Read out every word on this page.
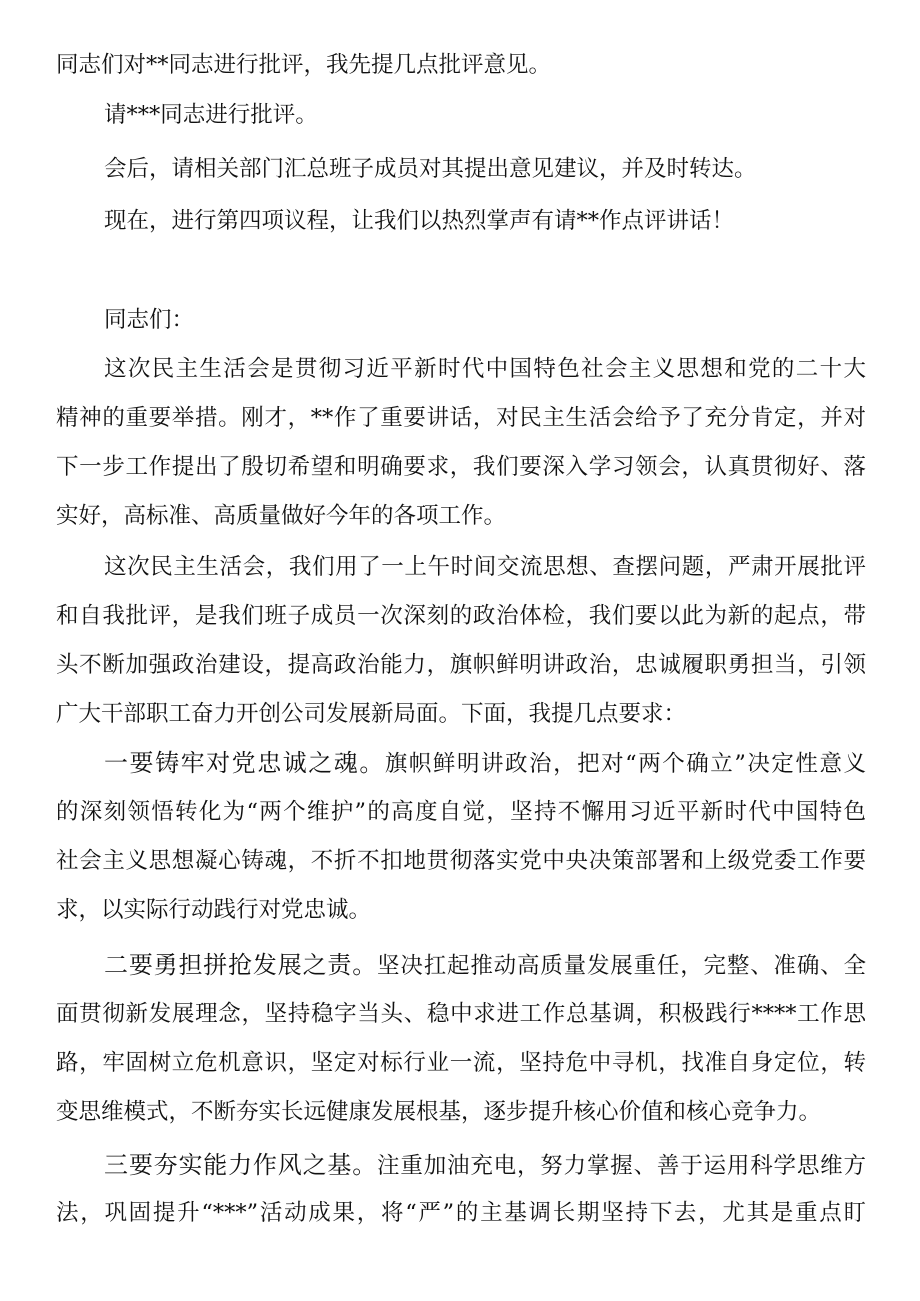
同志们对**同志进行批评，我先提几点批评意见。
请***同志进行批评。
会后，请相关部门汇总班子成员对其提出意见建议，并及时转达。
现在，进行第四项议程，让我们以热烈掌声有请**作点评讲话！
同志们：
这次民主生活会是贯彻习近平新时代中国特色社会主义思想和党的二十大
精神的重要举措。刚才，**作了重要讲话，对民主生活会给予了充分肯定，并对
下一步工作提出了殷切希望和明确要求，我们要深入学习领会，认真贯彻好、落
实好，高标准、高质量做好今年的各项工作。
这次民主生活会，我们用了一上午时间交流思想、查摆问题，严肃开展批评
和自我批评，是我们班子成员一次深刻的政治体检，我们要以此为新的起点，带
头不断加强政治建设，提高政治能力，旗帜鲜明讲政治，忠诚履职勇担当，引领
广大干部职工奋力开创公司发展新局面。下面，我提几点要求：
一要铸牢对党忠诚之魂。旗帜鲜明讲政治，把对“两个确立”决定性意义
的深刻领悟转化为“两个维护”的高度自觉，坚持不懈用习近平新时代中国特色
社会主义思想凝心铸魂，不折不扣地贯彻落实党中央决策部署和上级党委工作要
求，以实际行动践行对党忠诚。
二要勇担拼抢发展之责。坚决扛起推动高质量发展重任，完整、准确、全
面贯彻新发展理念，坚持稳字当头、稳中求进工作总基调，积极践行****工作思
路，牢固树立危机意识，坚定对标行业一流，坚持危中寻机，找准自身定位，转
变思维模式，不断夯实长远健康发展根基，逐步提升核心价值和核心竞争力。
三要夯实能力作风之基。注重加油充电，努力掌握、善于运用科学思维方
法，巩固提升“***”活动成果，将“严”的主基调长期坚持下去，尤其是重点盯
